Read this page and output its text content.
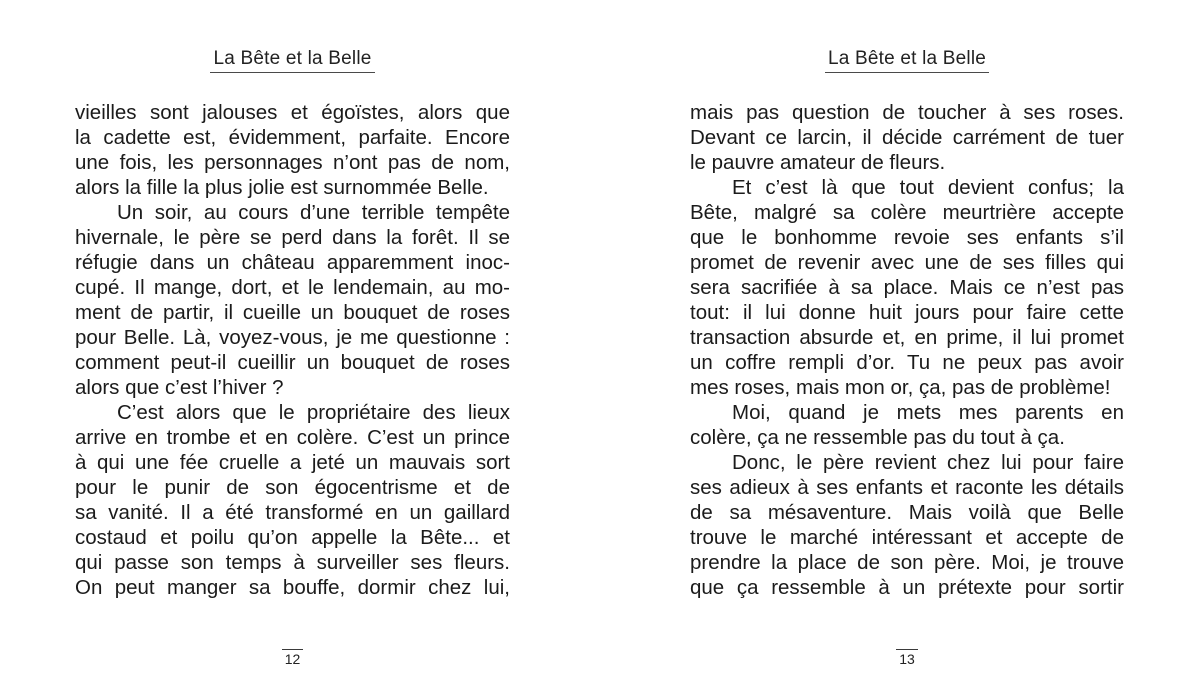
La Bête et la Belle
vieilles sont jalouses et égoïstes, alors que
la cadette est, évidemment, parfaite. Encore
une fois, les personnages n’ont pas de nom,
alors la fille la plus jolie est surnommée Belle.
Un soir, au cours d’une terrible tempête
hivernale, le père se perd dans la forêt. Il se
réfugie dans un château apparemment inoc-
cupé. Il mange, dort, et le lendemain, au mo-
ment de partir, il cueille un bouquet de roses
pour Belle. Là, voyez-vous, je me questionne :
comment peut-il cueillir un bouquet de roses
alors que c’est l’hiver ?
C’est alors que le propriétaire des lieux
arrive en trombe et en colère. C’est un prince
à qui une fée cruelle a jeté un mauvais sort
pour le punir de son égocentrisme et de
sa vanité. Il a été transformé en un gaillard
costaud et poilu qu’on appelle la Bête... et
qui passe son temps à surveiller ses fleurs.
On peut manger sa bouffe, dormir chez lui,
12
La Bête et la Belle
mais pas question de toucher à ses roses.
Devant ce larcin, il décide carrément de tuer
le pauvre amateur de fleurs.
Et c’est là que tout devient confus; la
Bête, malgré sa colère meurtrière accepte
que le bonhomme revoie ses enfants s’il
promet de revenir avec une de ses filles qui
sera sacrifiée à sa place. Mais ce n’est pas
tout: il lui donne huit jours pour faire cette
transaction absurde et, en prime, il lui promet
un coffre rempli d’or. Tu ne peux pas avoir
mes roses, mais mon or, ça, pas de problème!
Moi, quand je mets mes parents en
colère, ça ne ressemble pas du tout à ça.
Donc, le père revient chez lui pour faire
ses adieux à ses enfants et raconte les détails
de sa mésaventure. Mais voilà que Belle
trouve le marché intéressant et accepte de
prendre la place de son père. Moi, je trouve
que ça ressemble à un prétexte pour sortir
13
